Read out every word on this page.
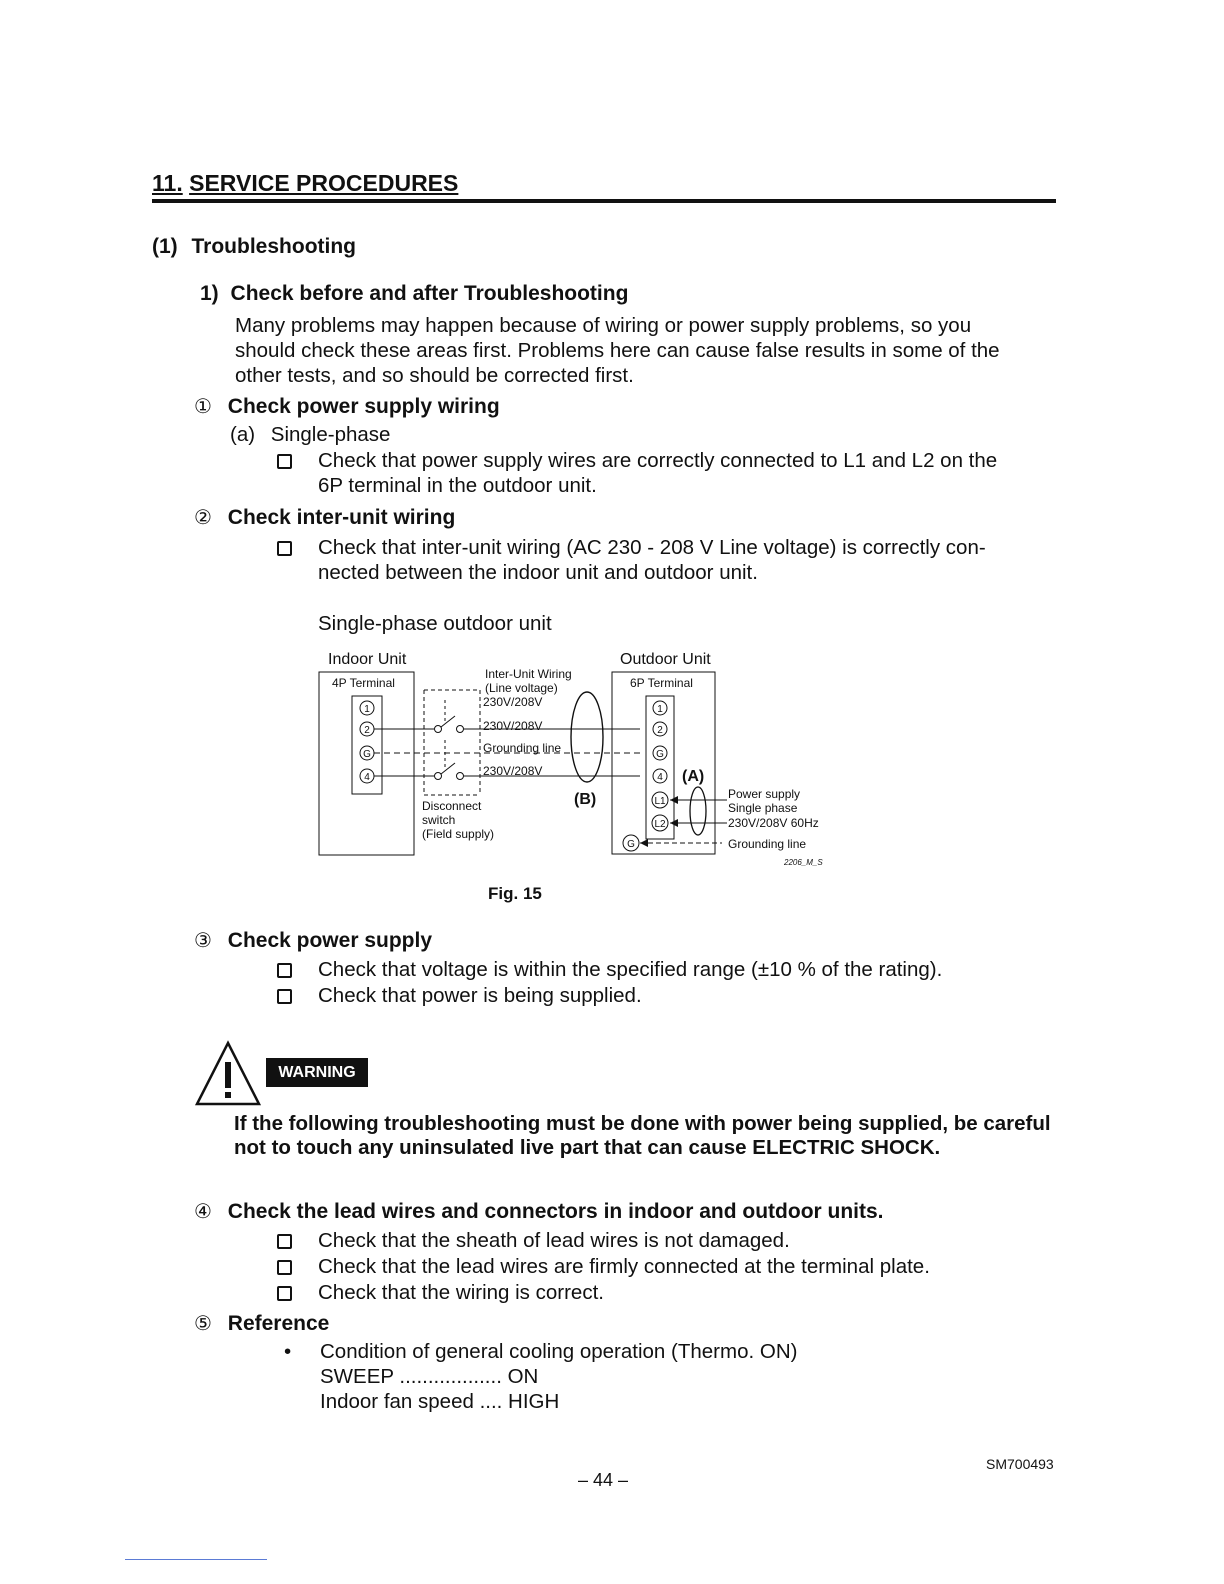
11. SERVICE PROCEDURES
(1) Troubleshooting
1) Check before and after Troubleshooting
Many problems may happen because of wiring or power supply problems, so you
should check these areas first. Problems here can cause false results in some of the
other tests, and so should be corrected first.
① Check power supply wiring
(a) Single-phase
Check that power supply wires are correctly connected to L1 and L2 on the
6P terminal in the outdoor unit.
② Check inter-unit wiring
Check that inter-unit wiring (AC 230 - 208 V Line voltage) is correctly con-
nected between the indoor unit and outdoor unit.
Single-phase outdoor unit
Indoor Unit
4P Terminal
1
2
G
4
Inter-Unit Wiring
(Line voltage)
230V/208V
230V/208V
Grounding line
230V/208V
(B)
Disconnect
switch
(Field supply)
Outdoor Unit
6P Terminal
1
2
G
4
L1
L2
G
(A)
Power supply
Single phase
230V/208V 60Hz
Grounding line
2206_M_S
Fig. 15
③ Check power supply
Check that voltage is within the specified range (±10 % of the rating).
Check that power is being supplied.
WARNING
If the following troubleshooting must be done with power being supplied, be careful not to touch any uninsulated live part that can cause ELECTRIC SHOCK.
④ Check the lead wires and connectors in indoor and outdoor units.
Check that the sheath of lead wires is not damaged.
Check that the lead wires are firmly connected at the terminal plate.
Check that the wiring is correct.
⑤ Reference
• Condition of general cooling operation (Thermo. ON)
SWEEP .................. ON
Indoor fan speed .... HIGH
SM700493
– 44 –
